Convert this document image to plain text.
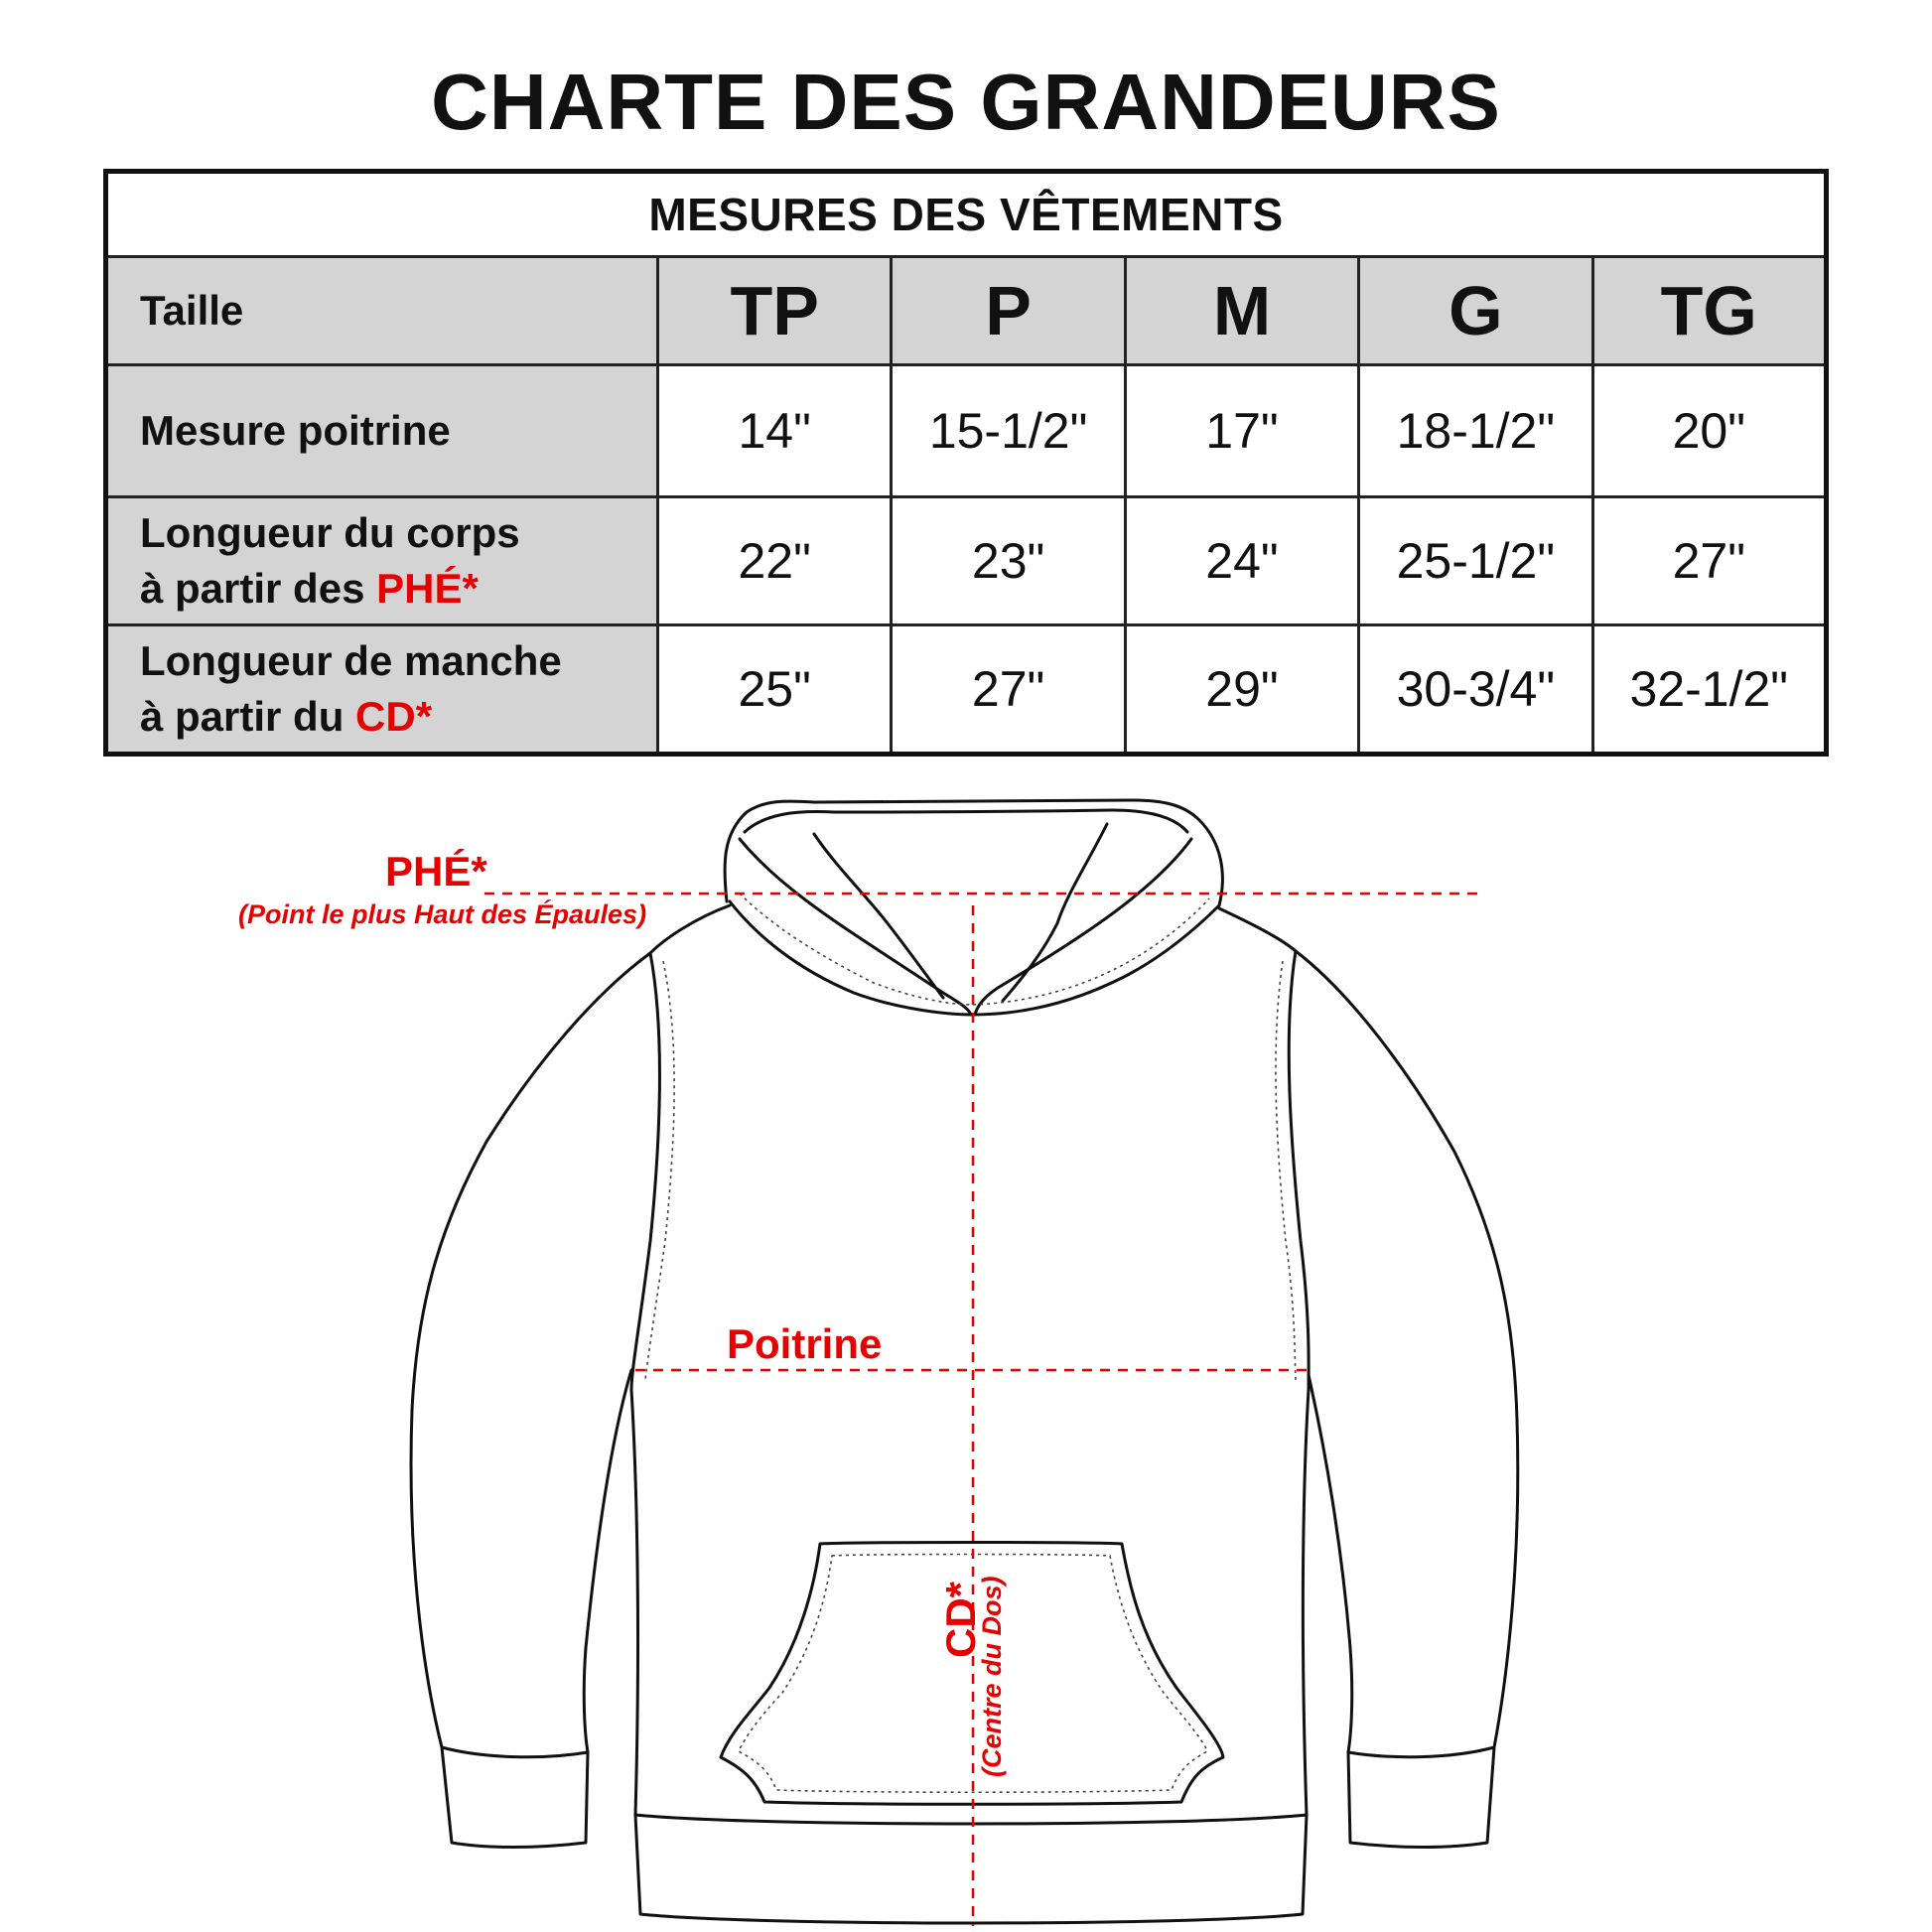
CHARTE DES GRANDEURS
MESURES DES VÊTEMENTS					
Taille	TP	P	M	G	TG
Mesure poitrine	14"	15-1/2"	17"	18-1/2"	20"
Longueur du corps
à partir des PHÉ*	22"	23"	24"	25-1/2"	27"
Longueur de manche
à partir du CD*	25"	27"	29"	30-3/4"	32-1/2"
PHÉ*
(Point le plus Haut des Épaules)
Poitrine
CD*
(Centre du Dos)
